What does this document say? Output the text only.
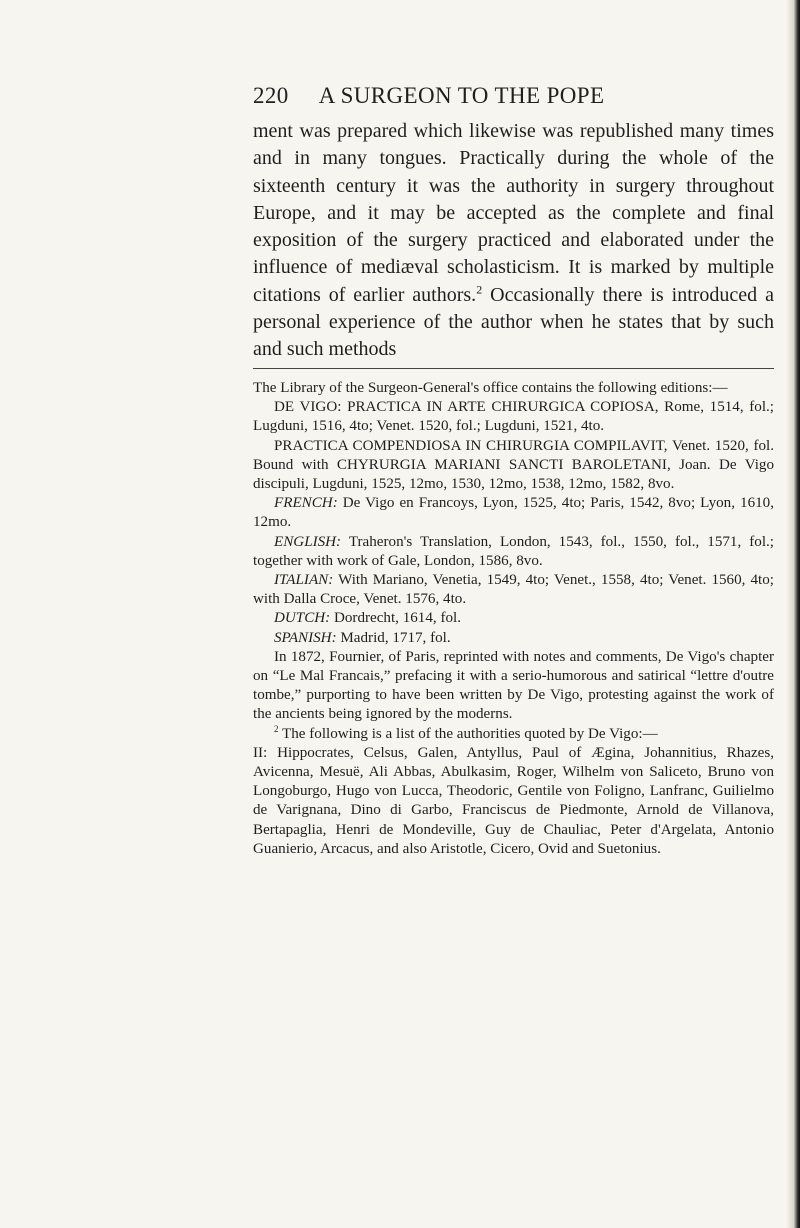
220 A SURGEON TO THE POPE

ment was prepared which likewise was republished many times and in many tongues. Practically during the whole of the sixteenth century it was the authority in surgery throughout Europe, and it may be accepted as the complete and final exposition of the surgery practiced and elaborated under the influence of mediæval scholasticism. It is marked by multiple citations of earlier authors.$^2$ Occasionally there is introduced a personal experience of the author when he states that by such and such methods

The Library of the Surgeon-General's office contains the following editions:—

DE VIGO: PRACTICA IN ARTE CHIRURGICA COPIOSA, Rome, 1514, fol.; Lugduni, 1516, 4to; Venet. 1520, fol.; Lugduni, 1521, 4to.

PRACTICA COMPENDIOSA IN CHIRURGIA COMPILAVIT, Venet. 1520, fol. Bound with CHYRURGIA MARIANI SANCTI BAROLETANI, Joan. De Vigo discipuli, Lugduni, 1525, 12mo, 1530, 12mo, 1538, 12mo, 1582, 8vo.

FRENCH: De Vigo en Francoys, Lyon, 1525, 4to; Paris, 1542, 8vo; Lyon, 1610, 12mo.

ENGLISH: Traheron's Translation, London, 1543, fol., 1550, fol., 1571, fol.; together with work of Gale, London, 1586, 8vo.

ITALIAN: With Mariano, Venetia, 1549, 4to; Venet., 1558, 4to; Venet. 1560, 4to; with Dalla Croce, Venet. 1576, 4to.

DUTCH: Dordrecht, 1614, fol.

SPANISH: Madrid, 1717, fol.

In 1872, Fournier, of Paris, reprinted with notes and comments, De Vigo's chapter on “Le Mal Francais,” prefacing it with a serio-humorous and satirical “lettre d'outre tombe,” purporting to have been written by De Vigo, protesting against the work of the ancients being ignored by the moderns.

$^2$ The following is a list of the authorities quoted by De Vigo:—

II: Hippocrates, Celsus, Galen, Antyllus, Paul of Ægina, Johannitius, Rhazes, Avicenna, Mesuë, Ali Abbas, Abulkasim, Roger, Wilhelm von Saliceto, Bruno von Longoburgo, Hugo von Lucca, Theodoric, Gentile von Foligno, Lanfranc, Guilielmo de Varignana, Dino di Garbo, Franciscus de Piedmonte, Arnold de Villanova, Bertapaglia, Henri de Mondeville, Guy de Chauliac, Peter d'Argelata, Antonio Guanierio, Arcacus, and also Aristotle, Cicero, Ovid and Suetonius.
